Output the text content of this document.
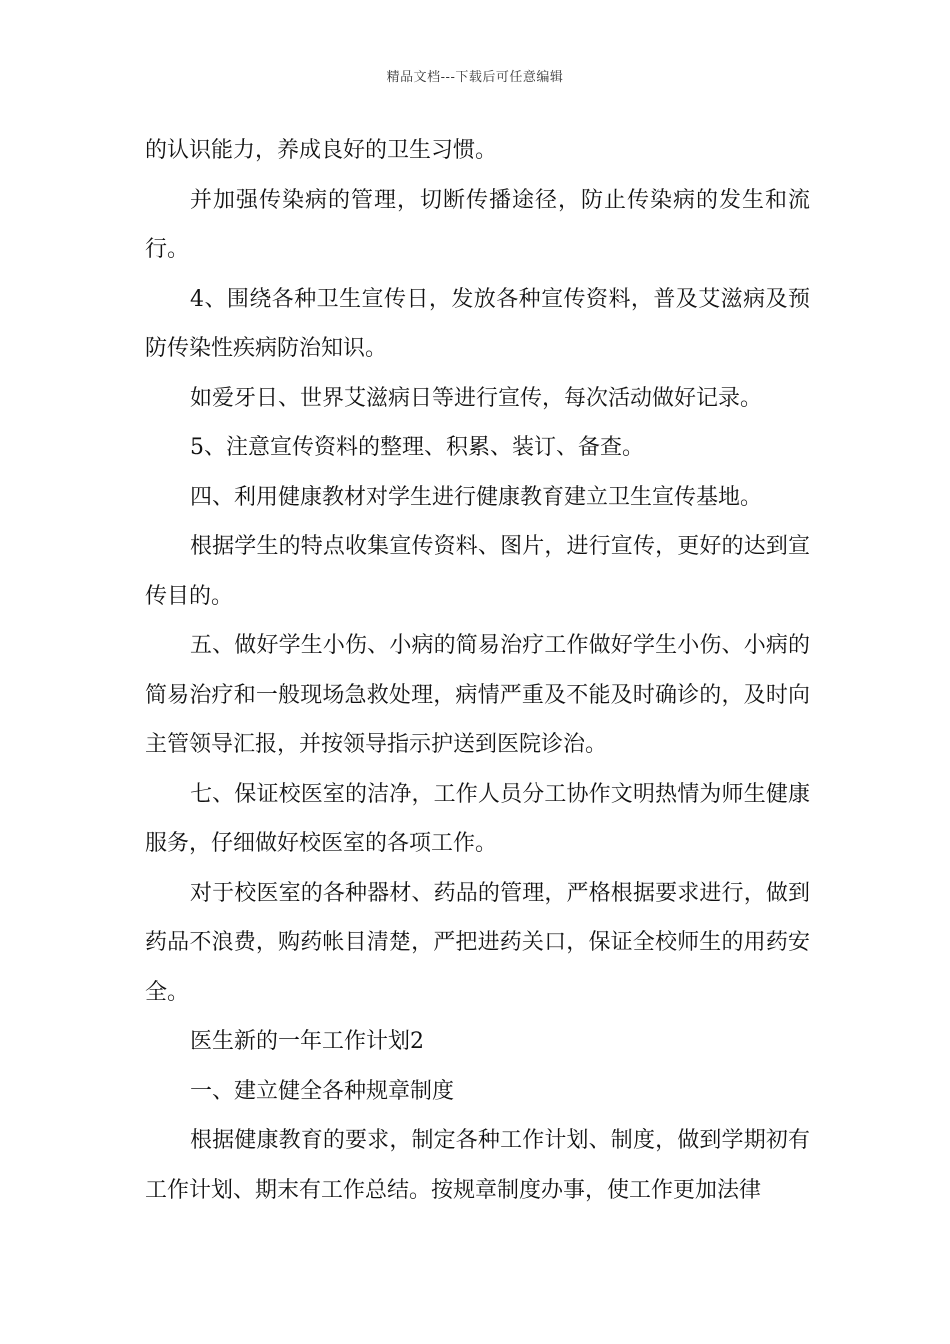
精品文档---下载后可任意编辑

的认识能力，养成良好的卫生习惯。

并加强传染病的管理，切断传播途径，防止传染病的发生和流行。

4、围绕各种卫生宣传日，发放各种宣传资料，普及艾滋病及预防传染性疾病防治知识。

如爱牙日、世界艾滋病日等进行宣传，每次活动做好记录。

5、注意宣传资料的整理、积累、装订、备查。

四、利用健康教材对学生进行健康教育建立卫生宣传基地。

根据学生的特点收集宣传资料、图片，进行宣传，更好的达到宣传目的。

五、做好学生小伤、小病的简易治疗工作做好学生小伤、小病的简易治疗和一般现场急救处理，病情严重及不能及时确诊的，及时向主管领导汇报，并按领导指示护送到医院诊治。

七、保证校医室的洁净，工作人员分工协作文明热情为师生健康服务，仔细做好校医室的各项工作。

对于校医室的各种器材、药品的管理，严格根据要求进行，做到药品不浪费，购药帐目清楚，严把进药关口，保证全校师生的用药安全。

医生新的一年工作计划2

一、建立健全各种规章制度

根据健康教育的要求，制定各种工作计划、制度，做到学期初有工作计划、期末有工作总结。按规章制度办事，使工作更加法律
